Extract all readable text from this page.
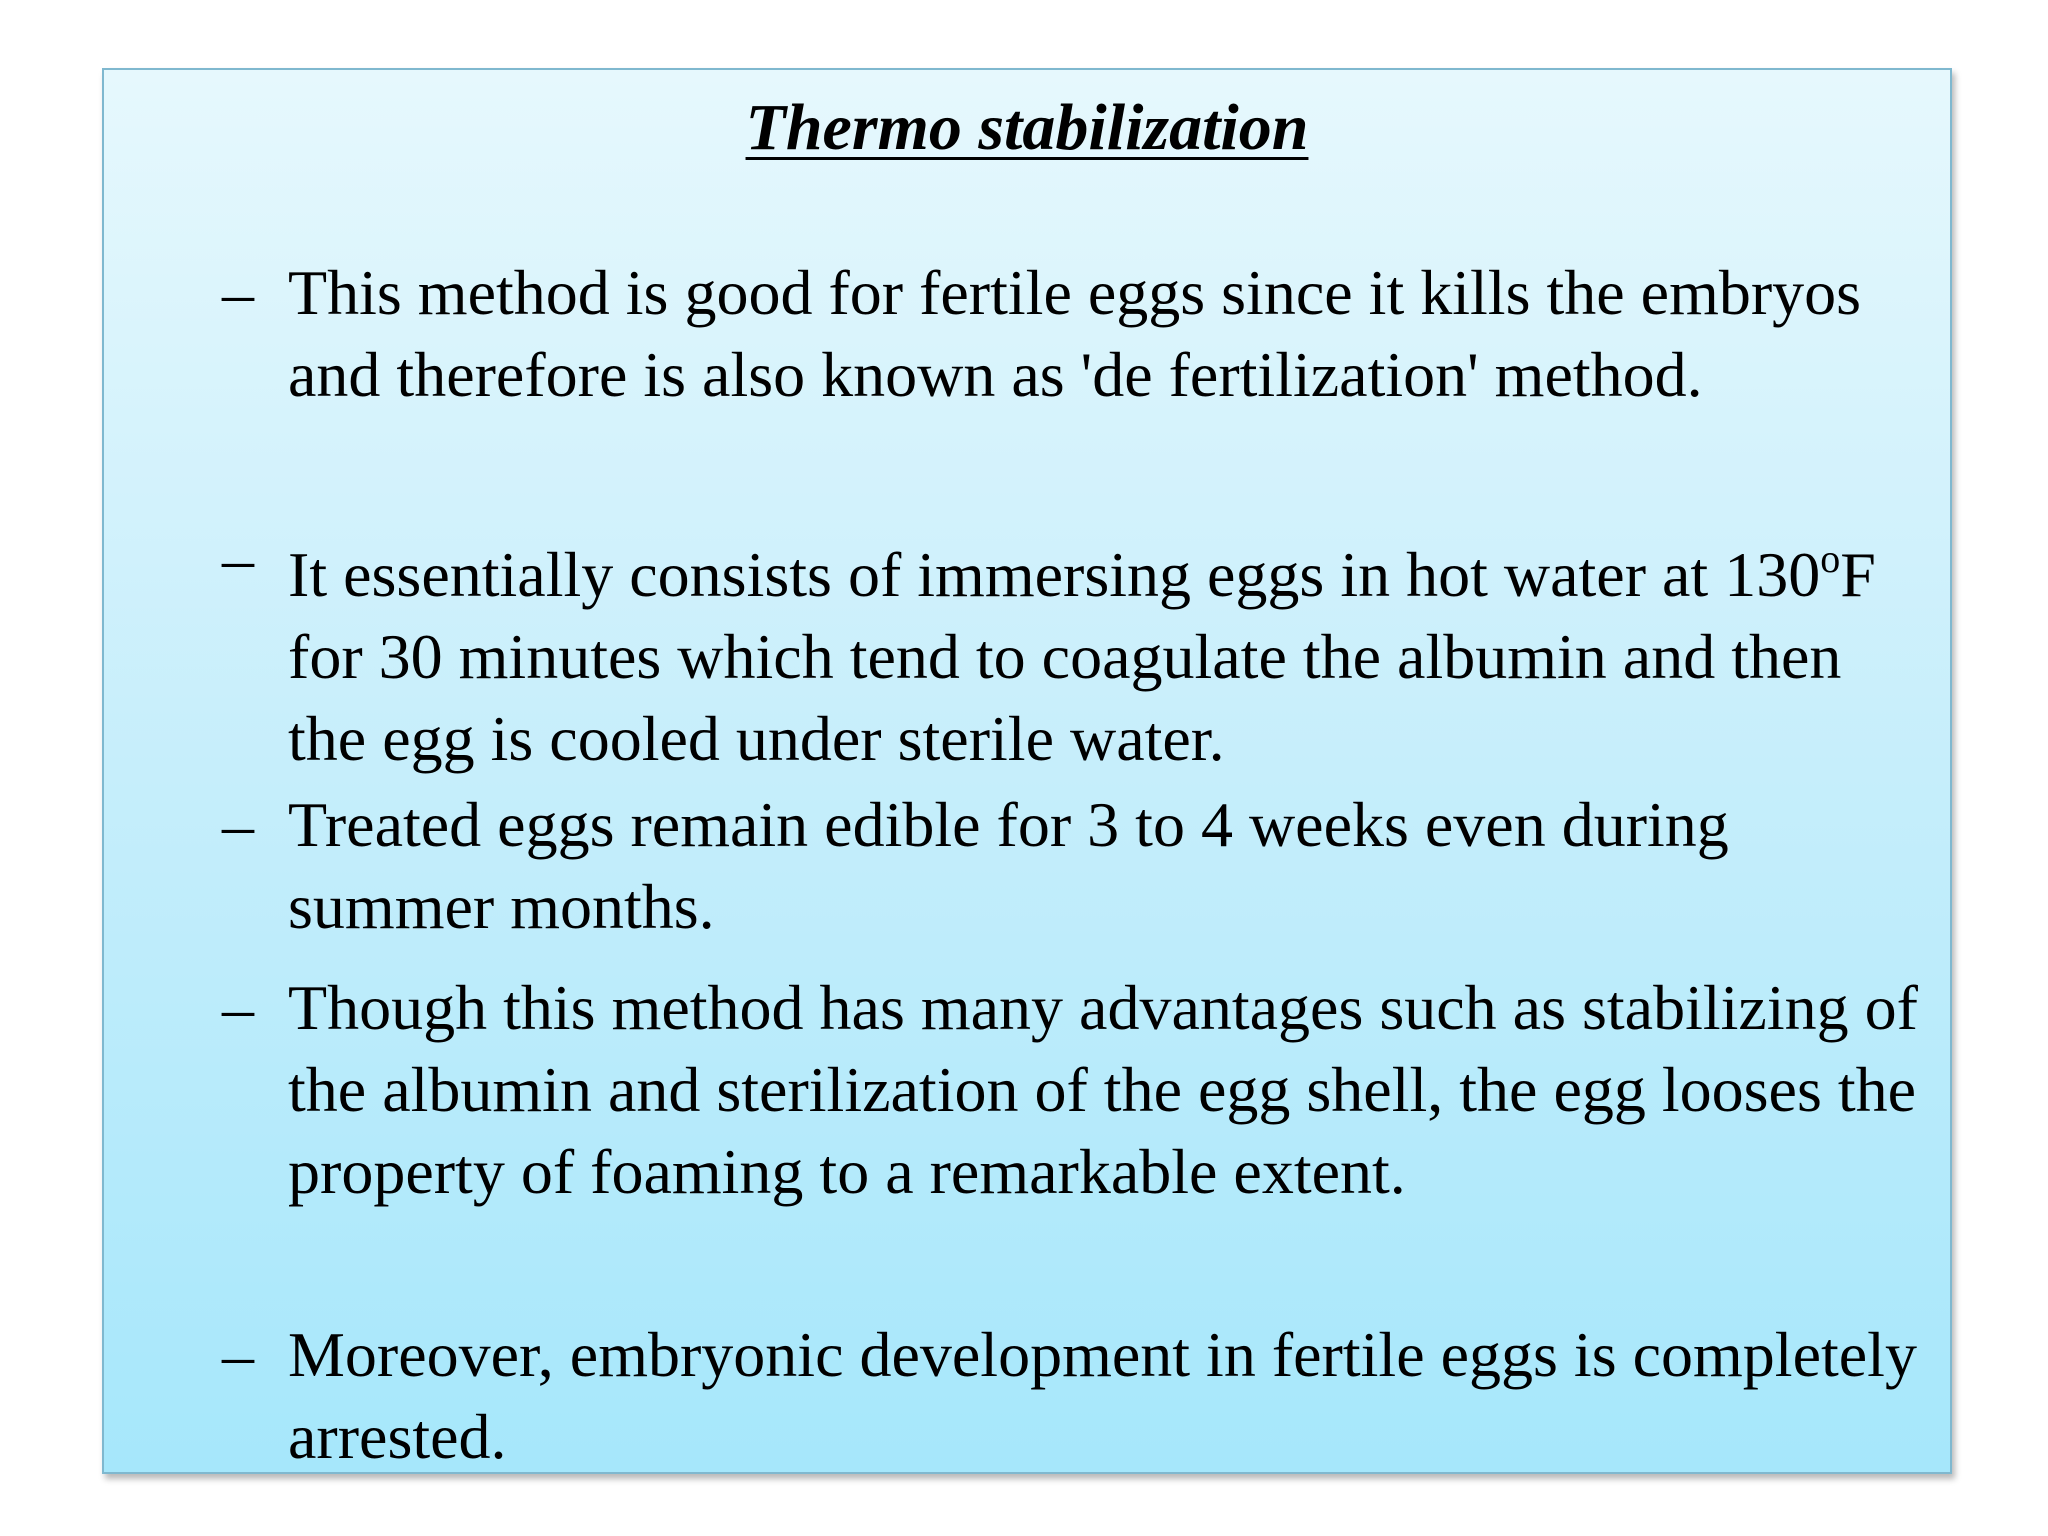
Thermo stabilization
– This method is good for fertile eggs since it kills the embryos and therefore is also known as 'de fertilization' method.
– It essentially consists of immersing eggs in hot water at 130$^o$F for 30 minutes which tend to coagulate the albumin and then the egg is cooled under sterile water.
– Treated eggs remain edible for 3 to 4 weeks even during summer months.
– Though this method has many advantages such as stabilizing of the albumin and sterilization of the egg shell, the egg looses the property of foaming to a remarkable extent.
– Moreover, embryonic development in fertile eggs is completely arrested.
